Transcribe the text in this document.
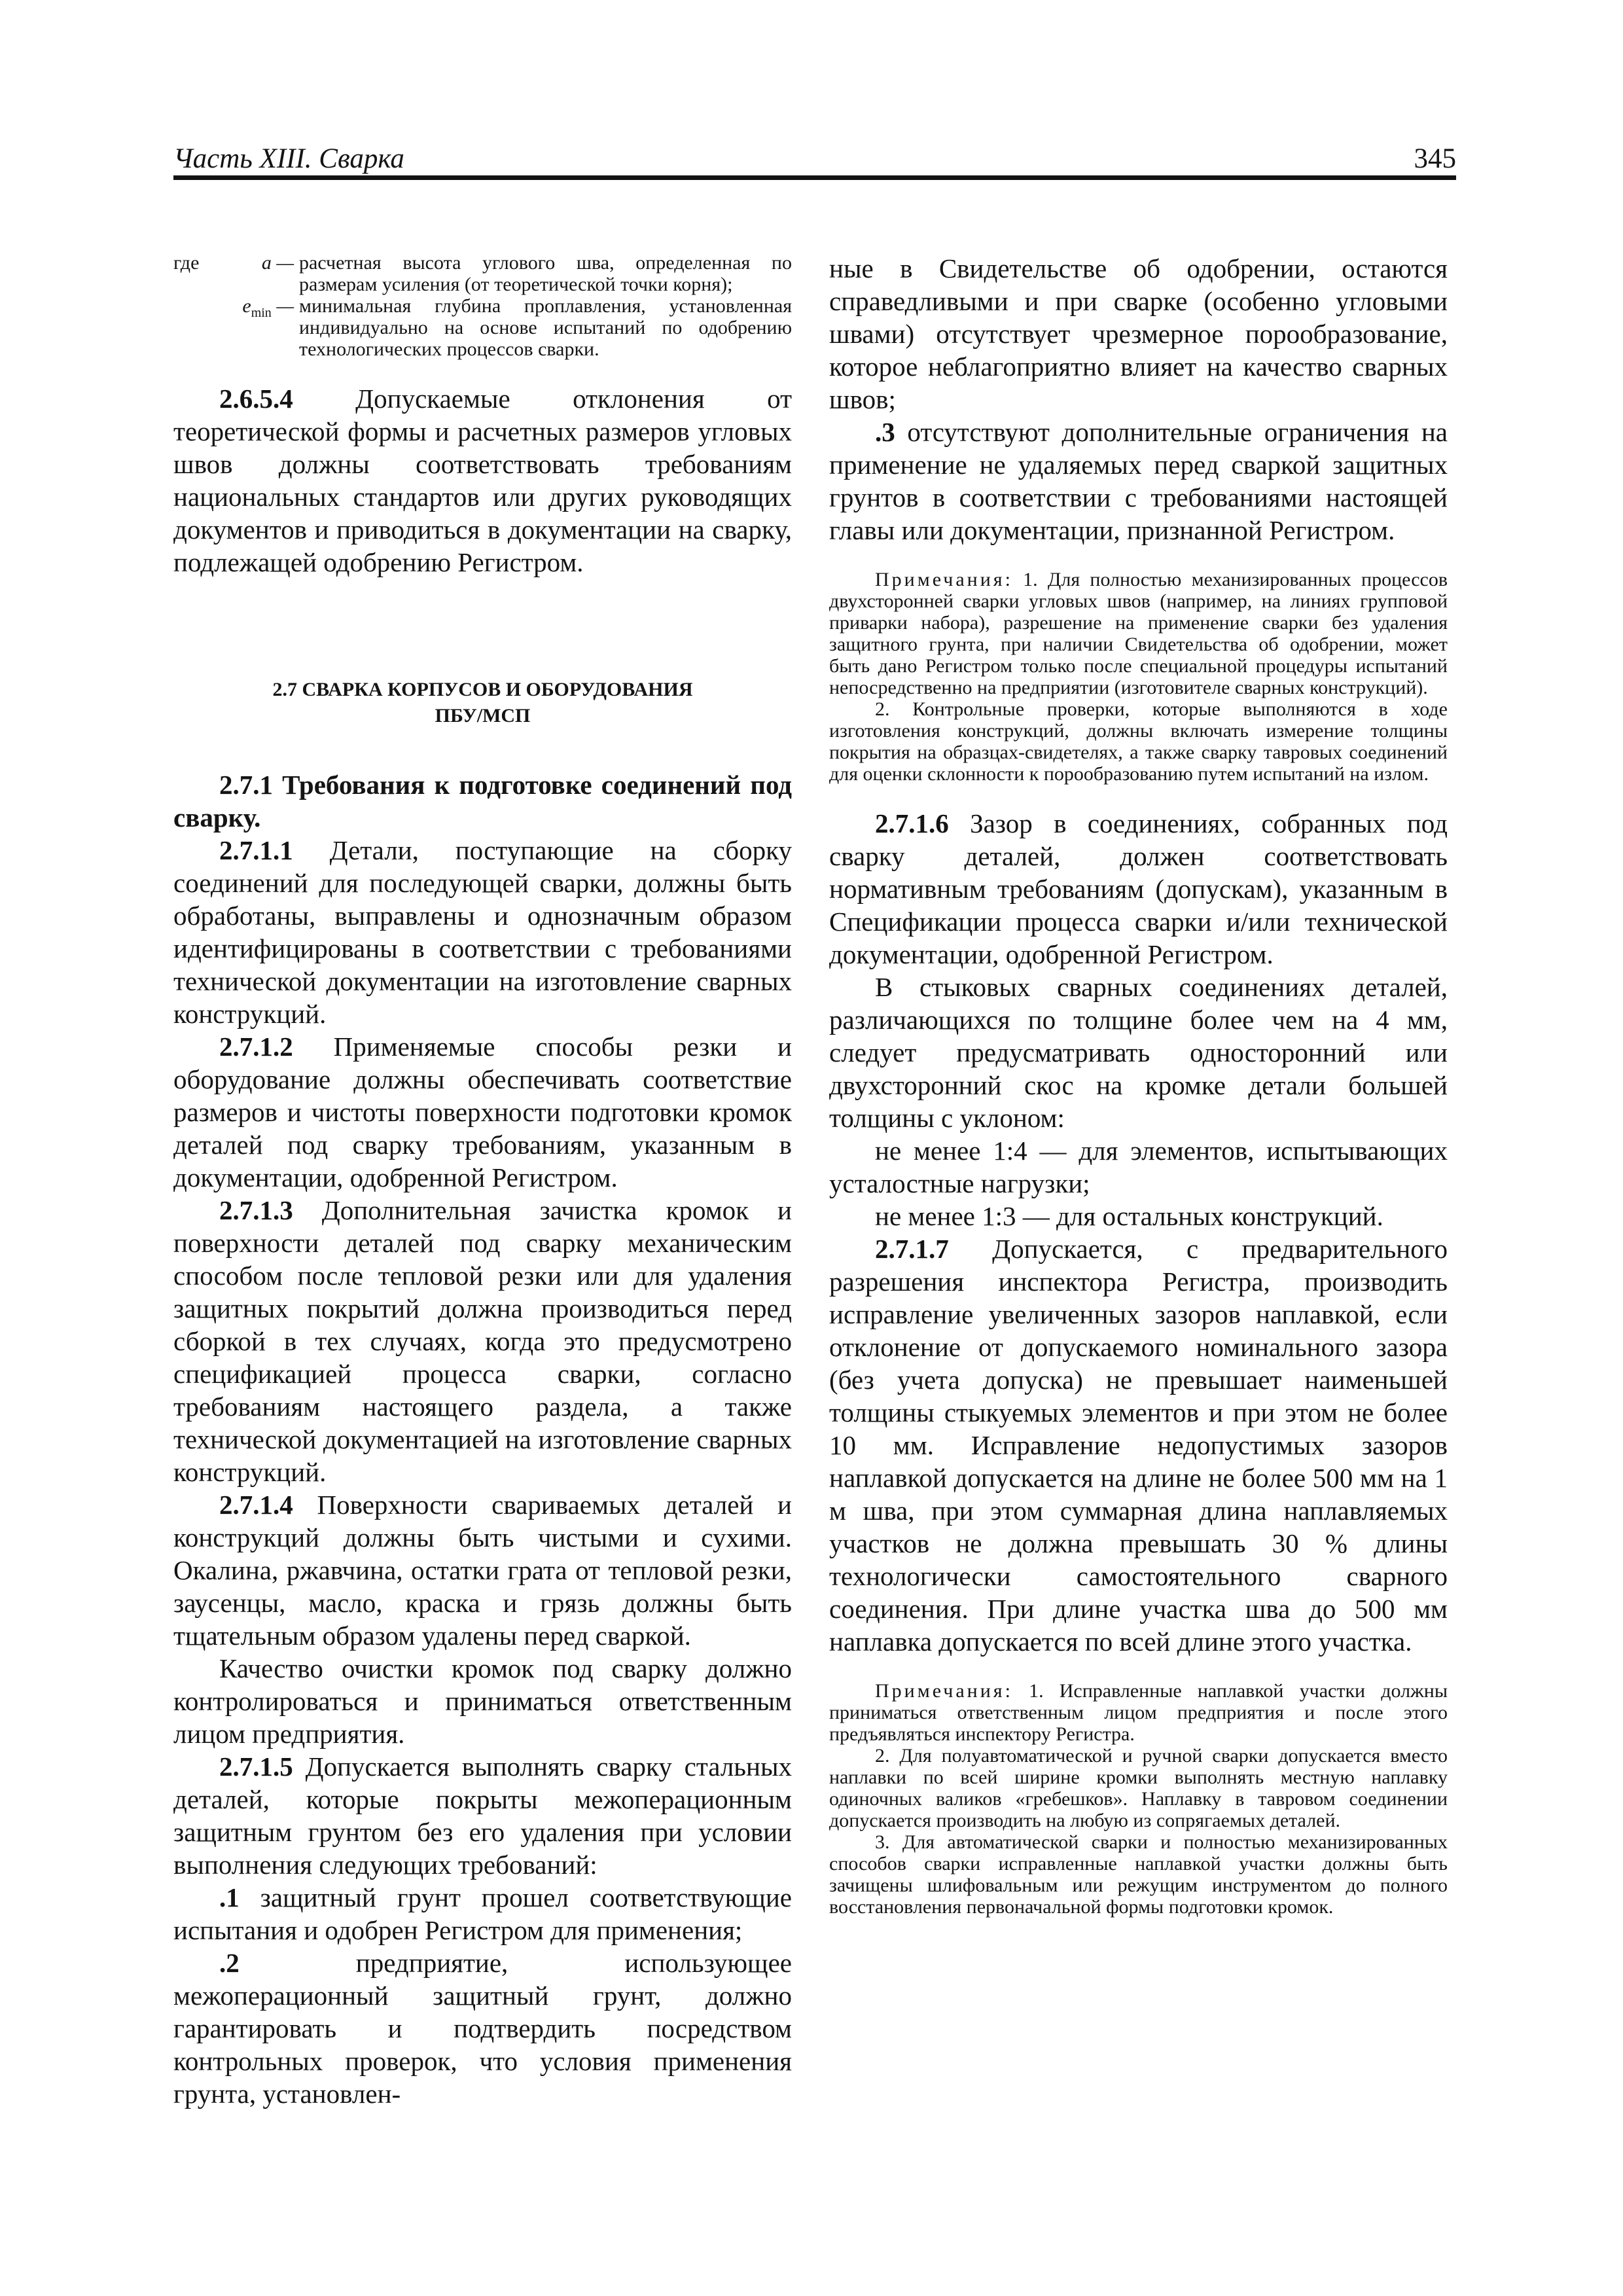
Часть XIII. Сварка	345
где	a — расчетная высота углового шва, определенная по размерам усиления (от теоретической точки корня);
$e_{min}$ — минимальная глубина проплавления, установленная индивидуально на основе испытаний по одобрению технологических процессов сварки.

2.6.5.4 Допускаемые отклонения от теоретической формы и расчетных размеров угловых швов должны соответствовать требованиям национальных стандартов или других руководящих документов и приводиться в документации на сварку, подлежащей одобрению Регистром.

2.7 СВАРКА КОРПУСОВ И ОБОРУДОВАНИЯ
ПБУ/МСП

2.7.1 Требования к подготовке соединений под сварку.

2.7.1.1 Детали, поступающие на сборку соединений для последующей сварки, должны быть обработаны, выправлены и однозначным образом идентифицированы в соответствии с требованиями технической документации на изготовление сварных конструкций.

2.7.1.2 Применяемые способы резки и оборудование должны обеспечивать соответствие размеров и чистоты поверхности подготовки кромок деталей под сварку требованиям, указанным в документации, одобренной Регистром.

2.7.1.3 Дополнительная зачистка кромок и поверхности деталей под сварку механическим способом после тепловой резки или для удаления защитных покрытий должна производиться перед сборкой в тех случаях, когда это предусмотрено спецификацией процесса сварки, согласно требованиям настоящего раздела, а также технической документацией на изготовление сварных конструкций.

2.7.1.4 Поверхности свариваемых деталей и конструкций должны быть чистыми и сухими. Окалина, ржавчина, остатки грата от тепловой резки, заусенцы, масло, краска и грязь должны быть тщательным образом удалены перед сваркой.

Качество очистки кромок под сварку должно контролироваться и приниматься ответственным лицом предприятия.

2.7.1.5 Допускается выполнять сварку стальных деталей, которые покрыты межоперационным защитным грунтом без его удаления при условии выполнения следующих требований:

.1 защитный грунт прошел соответствующие испытания и одобрен Регистром для применения;

.2 предприятие, использующее межоперационный защитный грунт, должно гарантировать и подтвердить посредством контрольных проверок, что условия применения грунта, установлен-

ные в Свидетельстве об одобрении, остаются справедливыми и при сварке (особенно угловыми швами) отсутствует чрезмерное порообразование, которое неблагоприятно влияет на качество сварных швов;

.3 отсутствуют дополнительные ограничения на применение не удаляемых перед сваркой защитных грунтов в соответствии с требованиями настоящей главы или документации, признанной Регистром.

Примечания: 1. Для полностью механизированных процессов двухсторонней сварки угловых швов (например, на линиях групповой приварки набора), разрешение на применение сварки без удаления защитного грунта, при наличии Свидетельства об одобрении, может быть дано Регистром только после специальной процедуры испытаний непосредственно на предприятии (изготовителе сварных конструкций).

2. Контрольные проверки, которые выполняются в ходе изготовления конструкций, должны включать измерение толщины покрытия на образцах-свидетелях, а также сварку тавровых соединений для оценки склонности к порообразованию путем испытаний на излом.

2.7.1.6 Зазор в соединениях, собранных под сварку деталей, должен соответствовать нормативным требованиям (допускам), указанным в Спецификации процесса сварки и/или технической документации, одобренной Регистром.

В стыковых сварных соединениях деталей, различающихся по толщине более чем на 4 мм, следует предусматривать односторонний или двухсторонний скос на кромке детали большей толщины с уклоном:

не менее 1:4 — для элементов, испытывающих усталостные нагрузки;

не менее 1:3 — для остальных конструкций.

2.7.1.7 Допускается, с предварительного разрешения инспектора Регистра, производить исправление увеличенных зазоров наплавкой, если отклонение от допускаемого номинального зазора (без учета допуска) не превышает наименьшей толщины стыкуемых элементов и при этом не более 10 мм. Исправление недопустимых зазоров наплавкой допускается на длине не более 500 мм на 1 м шва, при этом суммарная длина наплавляемых участков не должна превышать 30 % длины технологически самостоятельного сварного соединения. При длине участка шва до 500 мм наплавка допускается по всей длине этого участка.

Примечания: 1. Исправленные наплавкой участки должны приниматься ответственным лицом предприятия и после этого предъявляться инспектору Регистра.

2. Для полуавтоматической и ручной сварки допускается вместо наплавки по всей ширине кромки выполнять местную наплавку одиночных валиков «гребешков». Наплавку в тавровом соединении допускается производить на любую из сопрягаемых деталей.

3. Для автоматической сварки и полностью механизированных способов сварки исправленные наплавкой участки должны быть зачищены шлифовальным или режущим инструментом до полного восстановления первоначальной формы подготовки кромок.
